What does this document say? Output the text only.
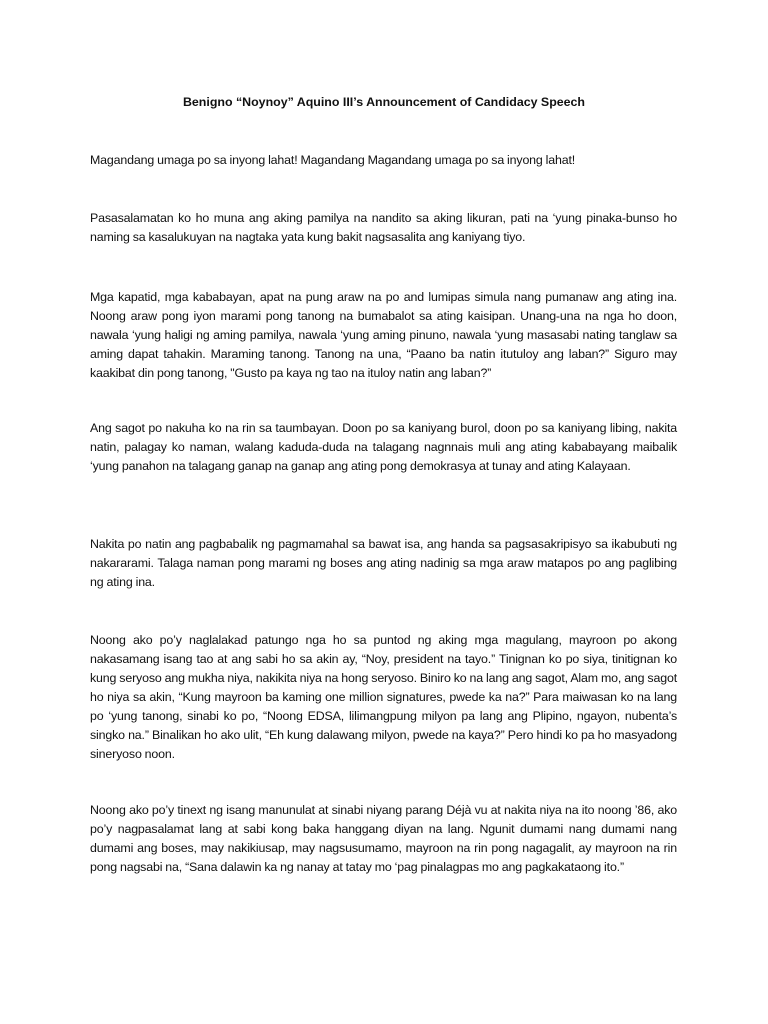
Benigno “Noynoy” Aquino III’s Announcement of Candidacy Speech

Magandang umaga po sa inyong lahat! Magandang Magandang umaga po sa inyong lahat!

Pasasalamatan ko ho muna ang aking pamilya na nandito sa aking likuran, pati na ‘yung pinaka-bunso ho naming sa kasalukuyan na nagtaka yata kung bakit nagsasalita ang kaniyang tiyo.

Mga kapatid, mga kababayan, apat na pung araw na po and lumipas simula nang pumanaw ang ating ina. Noong araw pong iyon marami pong tanong na bumabalot sa ating kaisipan. Unang-una na nga ho doon, nawala ‘yung haligi ng aming pamilya, nawala ‘yung aming pinuno, nawala ‘yung masasabi nating tanglaw sa aming dapat tahakin. Maraming tanong. Tanong na una, “Paano ba natin itutuloy ang laban?” Siguro may kaakibat din pong tanong, "Gusto pa kaya ng tao na ituloy natin ang laban?”

Ang sagot po nakuha ko na rin sa taumbayan. Doon po sa kaniyang burol, doon po sa kaniyang libing, nakita natin, palagay ko naman, walang kaduda-duda na talagang nagnnais muli ang ating kababayang maibalik ‘yung panahon na talagang ganap na ganap ang ating pong demokrasya at tunay and ating Kalayaan.

Nakita po natin ang pagbabalik ng pagmamahal sa bawat isa, ang handa sa pagsasakripisyo sa ikabubuti ng nakararami. Talaga naman pong marami ng boses ang ating nadinig sa mga araw matapos po ang paglibing ng ating ina.

Noong ako po’y naglalakad patungo nga ho sa puntod ng aking mga magulang, mayroon po akong nakasamang isang tao at ang sabi ho sa akin ay, “Noy, president na tayo.” Tinignan ko po siya, tinitignan ko kung seryoso ang mukha niya, nakikita niya na hong seryoso. Biniro ko na lang ang sagot, Alam mo, ang sagot ho niya sa akin, “Kung mayroon ba kaming one million signatures, pwede ka na?” Para maiwasan ko na lang po ‘yung tanong, sinabi ko po, “Noong EDSA, lilimangpung milyon pa lang ang Plipino, ngayon, nubenta’s singko na.” Binalikan ho ako ulit, “Eh kung dalawang milyon, pwede na kaya?” Pero hindi ko pa ho masyadong sineryoso noon.

Noong ako po’y tinext ng isang manunulat at sinabi niyang parang Déjà vu at nakita niya na ito noong ’86, ako po’y nagpasalamat lang at sabi kong baka hanggang diyan na lang. Ngunit dumami nang dumami nang dumami ang boses, may nakikiusap, may nagsusumamo, mayroon na rin pong nagagalit, ay mayroon na rin pong nagsabi na, “Sana dalawin ka ng nanay at tatay mo ‘pag pinalagpas mo ang pagkakataong ito.”
